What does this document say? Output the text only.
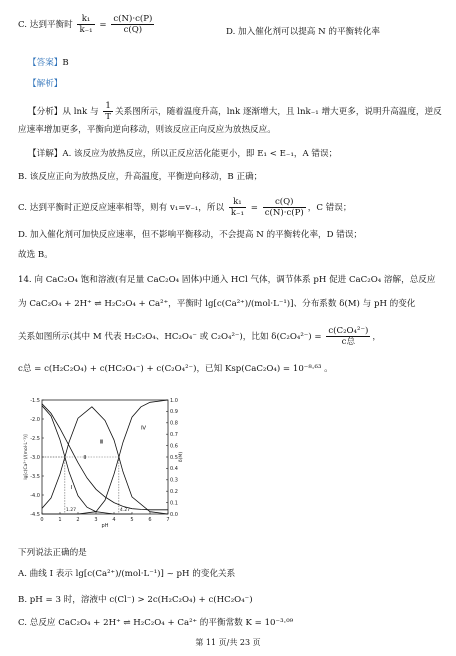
C. 达到平衡时 $\frac{\text{k₁}}{\text{k₋₁}} = \frac{c(N)\cdot c(P)}{c(Q)}$	D. 加入催化剂可以提高 N 的平衡转化率
【答案】B
【解析】
【分析】从 lnk 与 $\frac{1}{T}$ 关系图所示，随着温度升高，lnk 逐渐增大，且 lnk₋₁ 增大更多，说明升高温度，逆反
应速率增加更多，平衡向逆向移动，则该反应正向反应为放热反应。
【详解】A. 该反应为放热反应，所以正反应活化能更小，即 E₁ < E₋₁，A 错误；
B. 该反应正向为放热反应，升高温度，平衡逆向移动，B 正确；
C. 达到平衡时正逆反应速率相等，则有 v₁=v₋₁，所以 $\frac{\text{k₁}}{\text{k₋₁}} = \frac{c(Q)}{c(N)\cdot c(P)}$ ，C 错误；
D. 加入催化剂可加快反应速率，但不影响平衡移动，不会提高 N 的平衡转化率，D 错误；
故选 B。
14. 向 CaC₂O₄ 饱和溶液(有足量 CaC₂O₄ 固体)中通入 HCl 气体，调节体系 pH 促进 CaC₂O₄ 溶解，总反应
为 CaC₂O₄ + 2H⁺ ⇌ H₂C₂O₄ + Ca²⁺，平衡时 lg[c(Ca²⁺)/(mol·L⁻¹)]、分布系数 δ(M) 与 pH 的变化
关系如图所示(其中 M 代表 H₂C₂O₄、HC₂O₄⁻ 或 C₂O₄²⁻)，比如 $\delta(C_2O_4^{2-}) = \frac{\text{c(C₂O₄²⁻)}}{\text{c总}}$ ，
c总 = c(H₂C₂O₄) + c(HC₂O₄⁻) + c(C₂O₄²⁻)，已知 Ksp(CaC₂O₄) = 10⁻⁸·⁶³ 。
0	1	2	3	4	5	6	7
pH
-1.5
-2.0
-2.5
-3.0
-3.5
-4.0
-4.5
lg[c(Ca²⁺)/(mol·L⁻¹)]
1.0
0.9
0.8
0.7
0.6
0.5
0.4
0.3
0.2
0.1
0.0
δ(M)
1.27	4.27
Ⅰ
Ⅱ
Ⅲ
Ⅳ
下列说法正确的是
A. 曲线 Ⅰ 表示 lg[c(Ca²⁺)/(mol·L⁻¹)] ~ pH 的变化关系
B. pH = 3 时，溶液中 c(Cl⁻) > 2c(H₂C₂O₄) + c(HC₂O₄⁻)
C. 总反应 CaC₂O₄ + 2H⁺ ⇌ H₂C₂O₄ + Ca²⁺ 的平衡常数 K = 10⁻³·⁰⁹
第 11 页/共 23 页
